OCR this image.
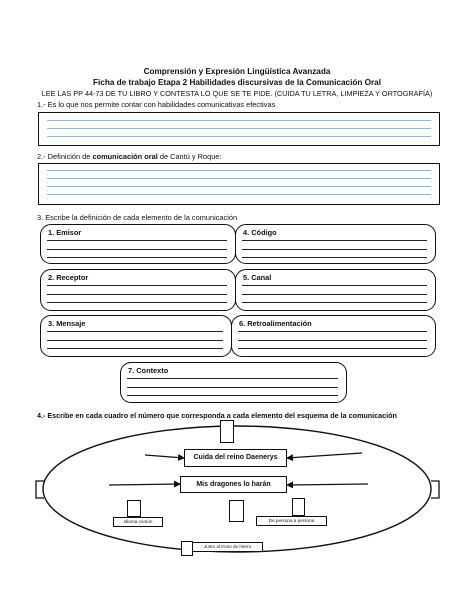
Comprensión y Expresión Lingüística Avanzada
Ficha de trabajo Etapa 2 Habilidades discursivas de la Comunicación Oral
LEE LAS PP 44-73 DE TU LIBRO Y CONTESTA LO QUE SE TE PIDE. (CUIDA TU LETRA, LIMPIEZA Y ORTOGRAFÍA)
1.- Es lo que nos permite contar con habilidades comunicativas efectivas
2.- Definición de comunicación oral de Cantú y Roque:
3. Escribe la definición de cada elemento de la comunicación
1. Emisor	4. Código
2. Receptor	5. Canal
3. Mensaje	6. Retroalimentación
7. Contexto
4.- Escribe en cada cuadro el número que corresponda a cada elemento del esquema de la comunicación
Cuida del reino Daenerys
Mis dragones lo harán
Idioma común	De persona a persona
Junto al trono de hierro
